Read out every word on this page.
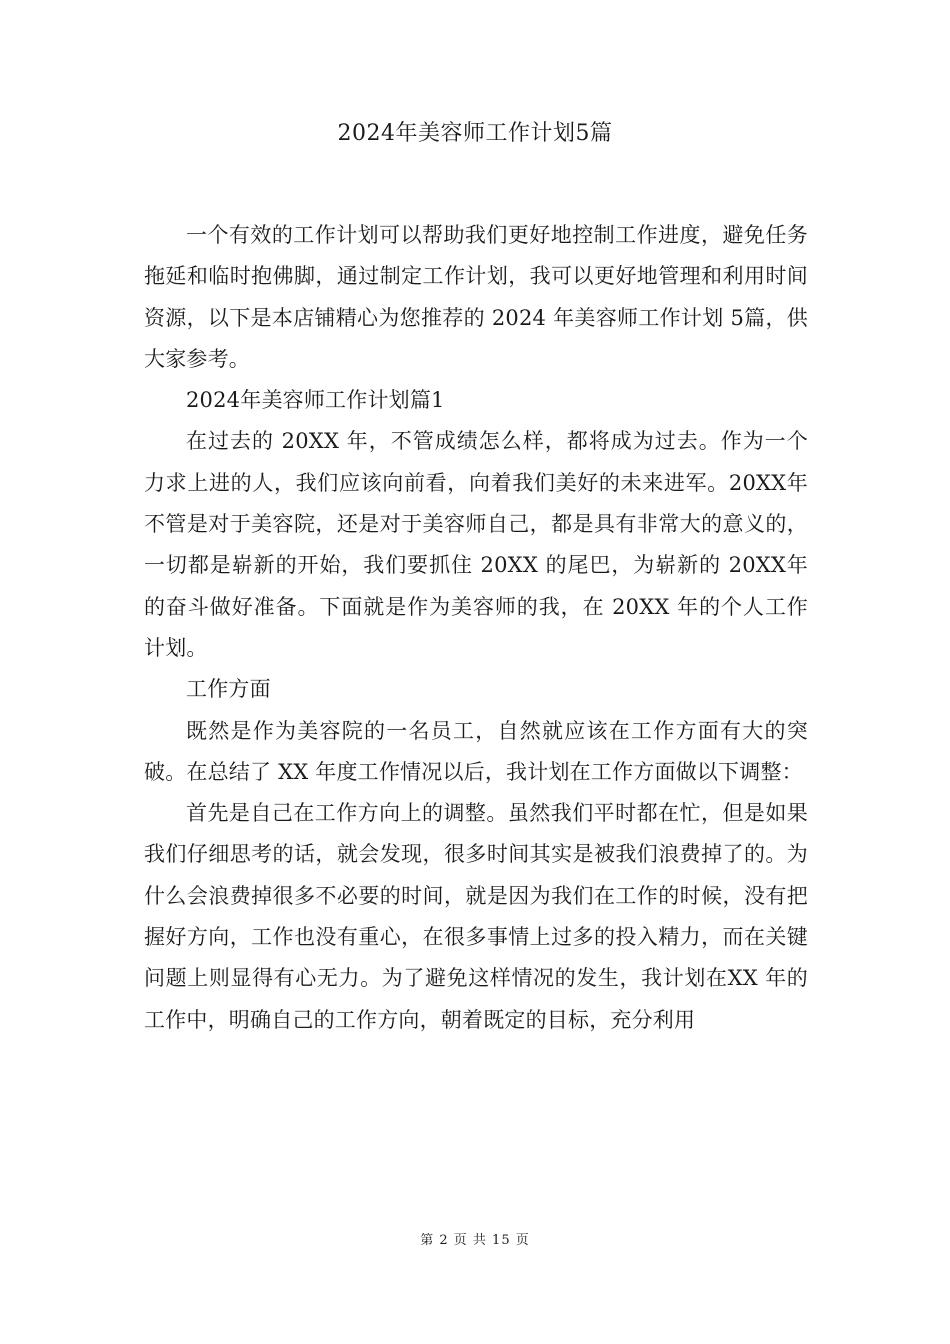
2024年美容师工作计划5篇

一个有效的工作计划可以帮助我们更好地控制工作进度，避免任务拖延和临时抱佛脚，通过制定工作计划，我可以更好地管理和利用时间资源，以下是本店铺精心为您推荐的 2024 年美容师工作计划 5篇，供大家参考。

2024年美容师工作计划篇1

在过去的 20XX 年，不管成绩怎么样，都将成为过去。作为一个力求上进的人，我们应该向前看，向着我们美好的未来进军。20XX年不管是对于美容院，还是对于美容师自己，都是具有非常大的意义的，一切都是崭新的开始，我们要抓住 20XX 的尾巴，为崭新的 20XX年的奋斗做好准备。下面就是作为美容师的我，在 20XX 年的个人工作计划。

工作方面

既然是作为美容院的一名员工，自然就应该在工作方面有大的突破。在总结了 XX 年度工作情况以后，我计划在工作方面做以下调整：

首先是自己在工作方向上的调整。虽然我们平时都在忙，但是如果我们仔细思考的话，就会发现，很多时间其实是被我们浪费掉了的。为什么会浪费掉很多不必要的时间，就是因为我们在工作的时候，没有把握好方向，工作也没有重心，在很多事情上过多的投入精力，而在关键问题上则显得有心无力。为了避免这样情况的发生，我计划在XX 年的工作中，明确自己的工作方向，朝着既定的目标，充分利用

第 2 页 共 15 页
